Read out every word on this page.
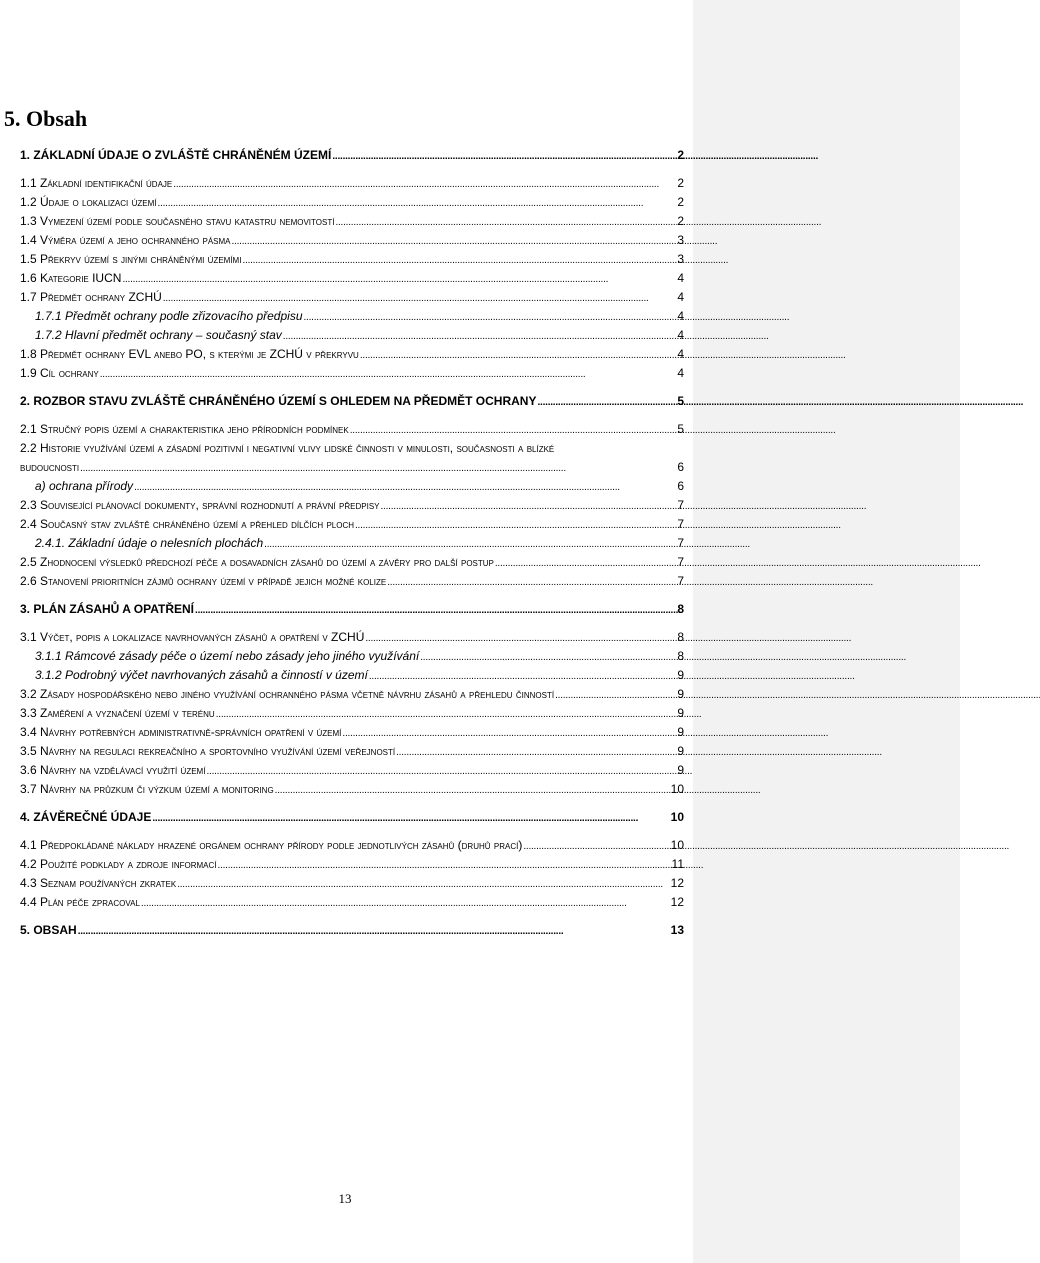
5. Obsah
1. ZÁKLADNÍ ÚDAJE O ZVLÁŠTĚ CHRÁNĚNÉM ÚZEMÍ . . .	2
1.1 Základní identifikační údaje . . .	2
1.2 Údaje o lokalizaci území . . .	2
1.3 Vymezení území podle současného stavu katastru nemovitostí . . .	2
1.4 Výměra území a jeho ochranného pásma . . .	3
1.5 Překryv území s jinými chráněnými územími . . .	3
1.6 Kategorie IUCN . . .	4
1.7 Předmět ochrany ZCHÚ . . .	4
1.7.1 Předmět ochrany podle zřizovacího předpisu . . .	4
1.7.2 Hlavní předmět ochrany – současný stav . . .	4
1.8 Předmět ochrany EVL anebo PO, s kterými je ZCHÚ v překryvu . . .	4
1.9 Cíl ochrany . . .	4
2. ROZBOR STAVU ZVLÁŠTĚ CHRÁNĚNÉHO ÚZEMÍ S OHLEDEM NA PŘEDMĚT OCHRANY . . .	5
2.1 Stručný popis území a charakteristika jeho přírodních podmínek . . .	5
2.2 Historie využívání území a zásadní pozitivní i negativní vlivy lidské činnosti v minulosti, současnosti a blízké
budoucnosti . . .	6
a) ochrana přírody . . .	6
2.3 Související plánovací dokumenty, správní rozhodnutí a právní předpisy . . .	7
2.4 Současný stav zvláště chráněného území a přehled dílčích ploch . . .	7
2.4.1. Základní údaje o nelesních plochách . . .	7
2.5 Zhodnocení výsledků předchozí péče a dosavadních zásahů do území a závěry pro další postup . . .	7
2.6 Stanovení prioritních zájmů ochrany území v případě jejich možné kolize . . .	7
3. PLÁN ZÁSAHŮ A OPATŘENÍ . . .	8
3.1 Výčet, popis a lokalizace navrhovaných zásahů a opatření v ZCHÚ . . .	8
3.1.1 Rámcové zásady péče o území nebo zásady jeho jiného využívání . . .	8
3.1.2 Podrobný výčet navrhovaných zásahů a činností v území . . .	9
3.2 Zásady hospodářského nebo jiného využívání ochranného pásma včetně návrhu zásahů a přehledu činností . . .	9
3.3 Zaměření a vyznačení území v terénu . . .	9
3.4 Návrhy potřebných administrativně-správních opatření v území . . .	9
3.5 Návrhy na regulaci rekreačního a sportovního využívání území veřejností . . .	9
3.6 Návrhy na vzdělávací využití území . . .	9
3.7 Návrhy na průzkum či výzkum území a monitoring . . .	10
4. ZÁVĚREČNÉ ÚDAJE . . .	10
4.1 Předpokládané náklady hrazené orgánem ochrany přírody podle jednotlivých zásahů (druhů prací) . . .	10
4.2 Použité podklady a zdroje informací . . .	11
4.3 Seznam používaných zkratek . . .	12
4.4 Plán péče zpracoval . . .	12
5. OBSAH . . .	13
13
